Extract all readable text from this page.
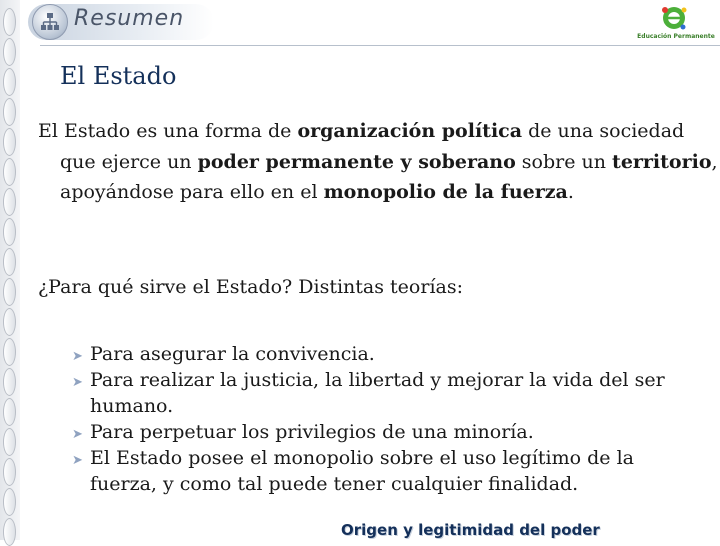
Resumen
Educación Permanente
El Estado
El Estado es una forma de organización política de una sociedad que ejerce un poder permanente y soberano sobre un territorio, apoyándose para ello en el monopolio de la fuerza.
¿Para qué sirve el Estado? Distintas teorías:
➤ Para asegurar la convivencia.
➤ Para realizar la justicia, la libertad y mejorar la vida del ser humano.
➤ Para perpetuar los privilegios de una minoría.
➤ El Estado posee el monopolio sobre el uso legítimo de la fuerza, y como tal puede tener cualquier finalidad.
Origen y legitimidad del poder
